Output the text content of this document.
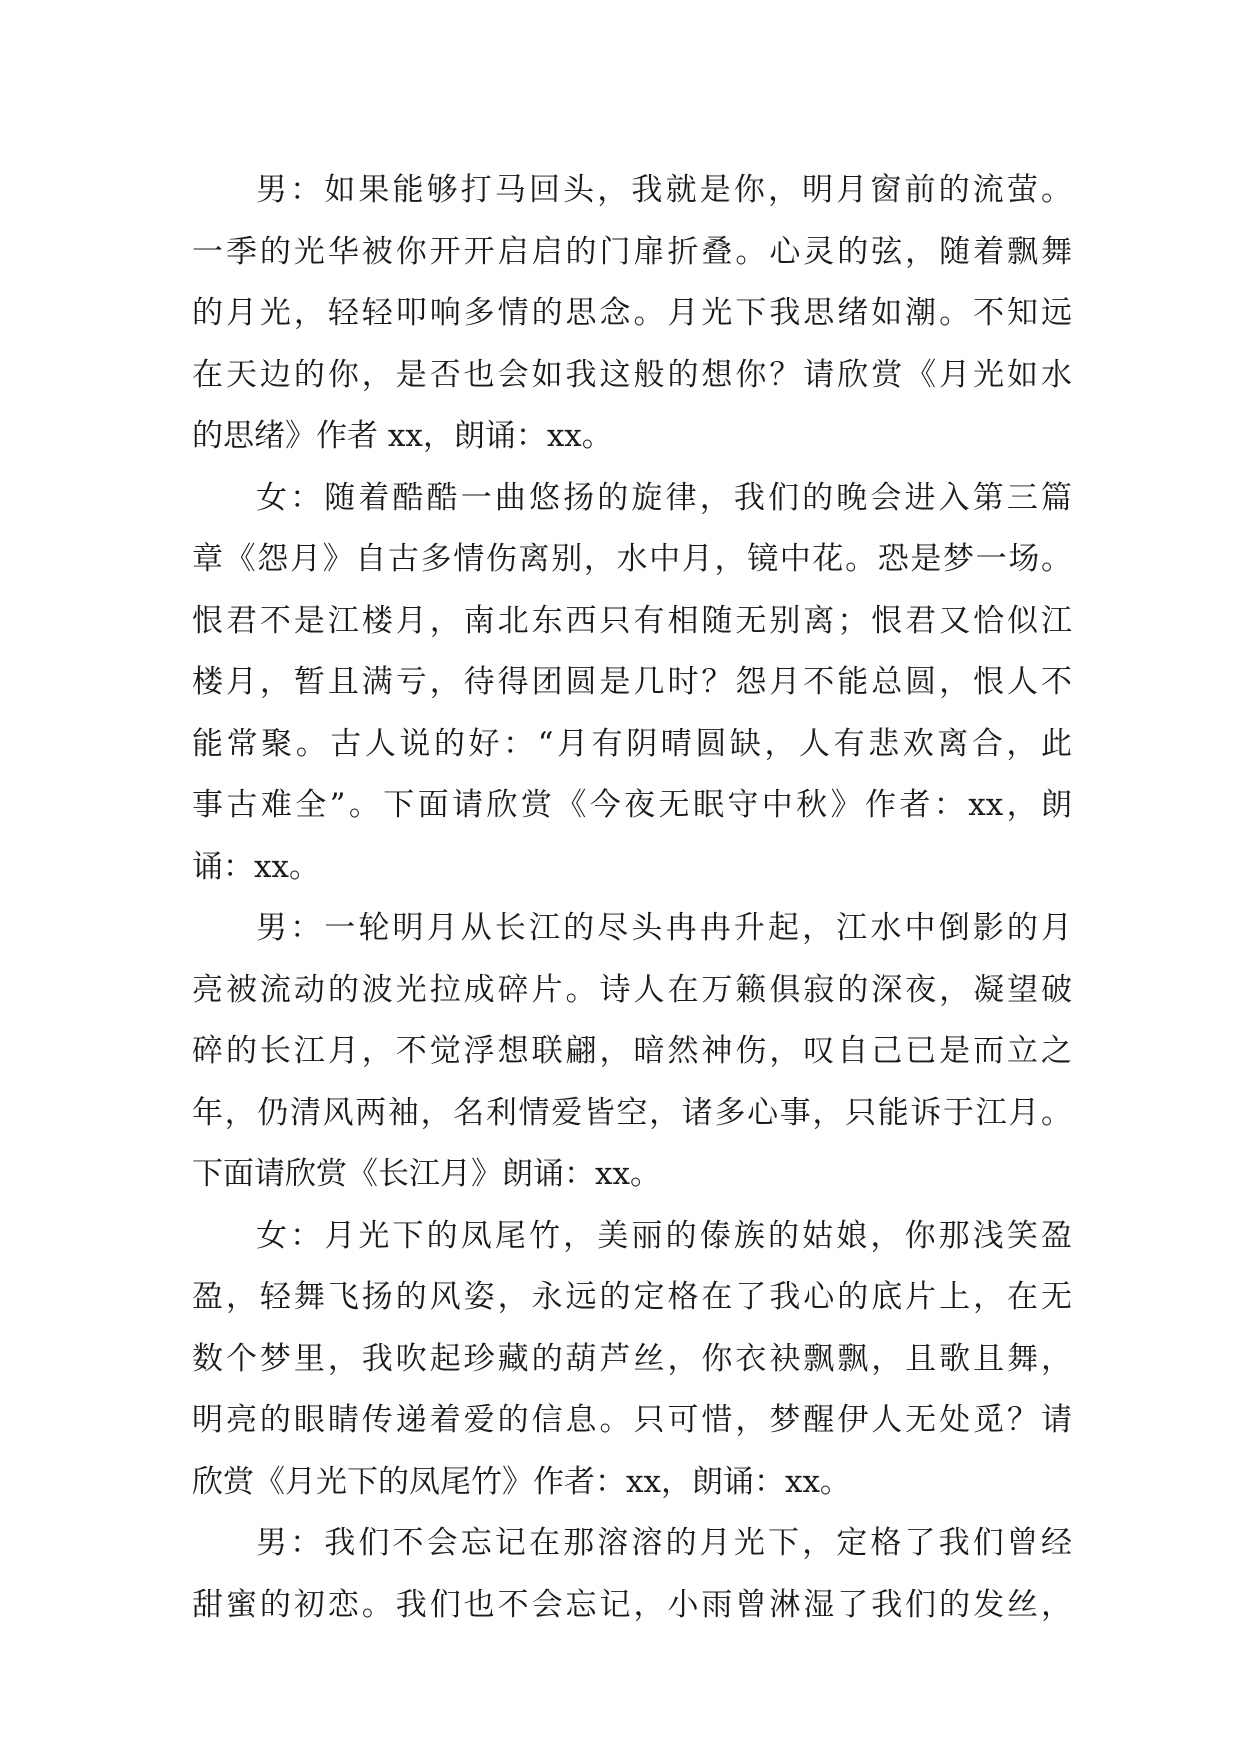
男：如果能够打马回头，我就是你，明月窗前的流萤。
一季的光华被你开开启启的门扉折叠。心灵的弦，随着飘舞
的月光，轻轻叩响多情的思念。月光下我思绪如潮。不知远
在天边的你，是否也会如我这般的想你？请欣赏《月光如水
的思绪》作者 xx，朗诵：xx。
女：随着酷酷一曲悠扬的旋律，我们的晚会进入第三篇
章《怨月》自古多情伤离别，水中月，镜中花。恐是梦一场。
恨君不是江楼月，南北东西只有相随无别离；恨君又恰似江
楼月，暂且满亏，待得团圆是几时？怨月不能总圆，恨人不
能常聚。古人说的好：“月有阴晴圆缺，人有悲欢离合，此
事古难全”。下面请欣赏《今夜无眠守中秋》作者：xx，朗
诵：xx。
男：一轮明月从长江的尽头冉冉升起，江水中倒影的月
亮被流动的波光拉成碎片。诗人在万籁俱寂的深夜，凝望破
碎的长江月，不觉浮想联翩，暗然神伤，叹自己已是而立之
年，仍清风两袖，名利情爱皆空，诸多心事，只能诉于江月。
下面请欣赏《长江月》朗诵：xx。
女：月光下的凤尾竹，美丽的傣族的姑娘，你那浅笑盈
盈，轻舞飞扬的风姿，永远的定格在了我心的底片上，在无
数个梦里，我吹起珍藏的葫芦丝，你衣袂飘飘，且歌且舞，
明亮的眼睛传递着爱的信息。只可惜，梦醒伊人无处觅？请
欣赏《月光下的凤尾竹》作者：xx，朗诵：xx。
男：我们不会忘记在那溶溶的月光下，定格了我们曾经
甜蜜的初恋。我们也不会忘记，小雨曾淋湿了我们的发丝，
